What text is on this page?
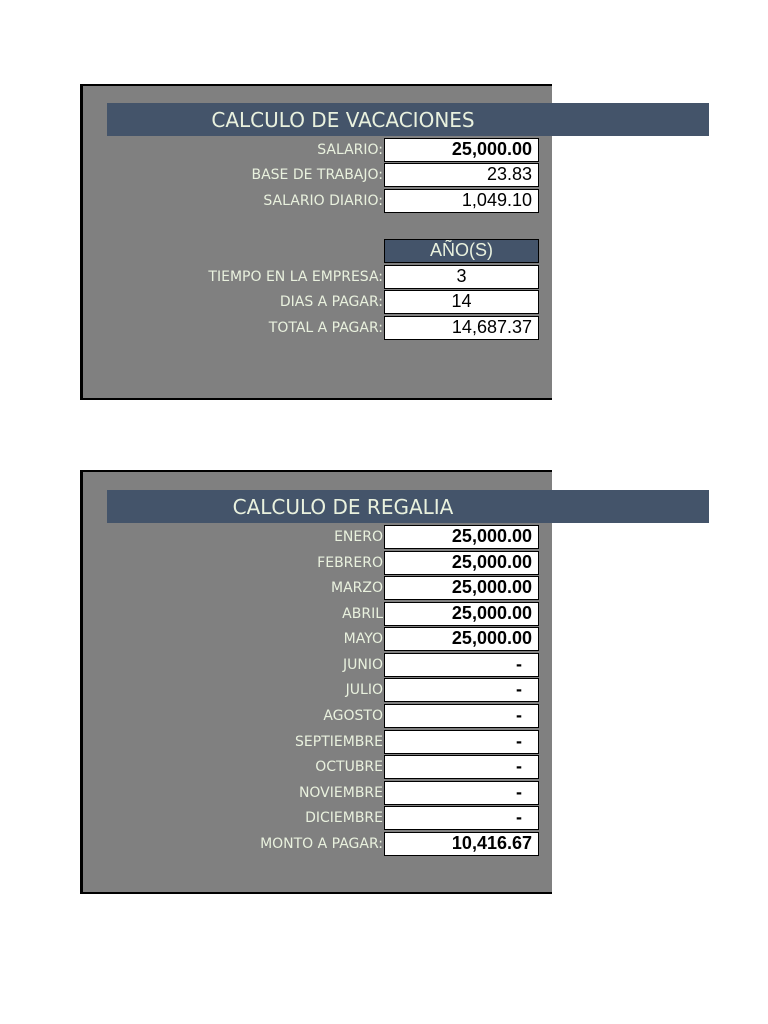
CALCULO DE VACACIONES
SALARIO:	25,000.00
BASE DE TRABAJO:	23.83
SALARIO DIARIO:	1,049.10
AÑO(S)
TIEMPO EN LA EMPRESA:	3
DIAS A PAGAR:	14
TOTAL A PAGAR:	14,687.37
CALCULO DE REGALIA
ENERO	25,000.00
FEBRERO	25,000.00
MARZO	25,000.00
ABRIL	25,000.00
MAYO	25,000.00
JUNIO	-
JULIO	-
AGOSTO	-
SEPTIEMBRE	-
OCTUBRE	-
NOVIEMBRE	-
DICIEMBRE	-
MONTO A PAGAR:	10,416.67
